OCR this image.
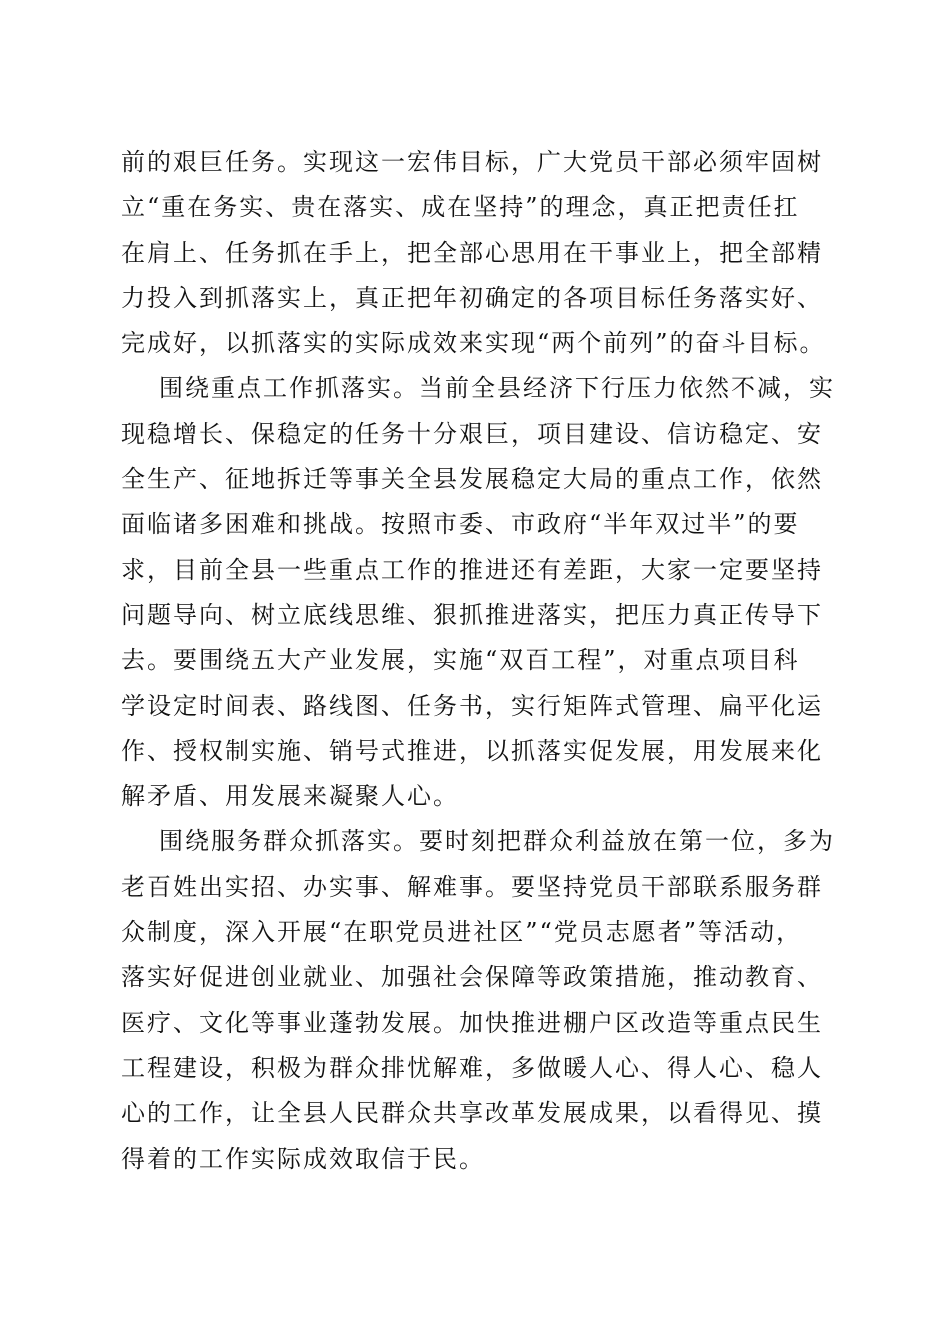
前的艰巨任务。实现这一宏伟目标，广大党员干部必须牢固树
立“重在务实、贵在落实、成在坚持”的理念，真正把责任扛
在肩上、任务抓在手上，把全部心思用在干事业上，把全部精
力投入到抓落实上，真正把年初确定的各项目标任务落实好、
完成好，以抓落实的实际成效来实现“两个前列”的奋斗目标。
围绕重点工作抓落实。当前全县经济下行压力依然不减，实
现稳增长、保稳定的任务十分艰巨，项目建设、信访稳定、安
全生产、征地拆迁等事关全县发展稳定大局的重点工作，依然
面临诸多困难和挑战。按照市委、市政府“半年双过半”的要
求，目前全县一些重点工作的推进还有差距，大家一定要坚持
问题导向、树立底线思维、狠抓推进落实，把压力真正传导下
去。要围绕五大产业发展，实施“双百工程”，对重点项目科
学设定时间表、路线图、任务书，实行矩阵式管理、扁平化运
作、授权制实施、销号式推进，以抓落实促发展，用发展来化
解矛盾、用发展来凝聚人心。
围绕服务群众抓落实。要时刻把群众利益放在第一位，多为
老百姓出实招、办实事、解难事。要坚持党员干部联系服务群
众制度，深入开展“在职党员进社区”“党员志愿者”等活动，
落实好促进创业就业、加强社会保障等政策措施，推动教育、
医疗、文化等事业蓬勃发展。加快推进棚户区改造等重点民生
工程建设，积极为群众排忧解难，多做暖人心、得人心、稳人
心的工作，让全县人民群众共享改革发展成果，以看得见、摸
得着的工作实际成效取信于民。
